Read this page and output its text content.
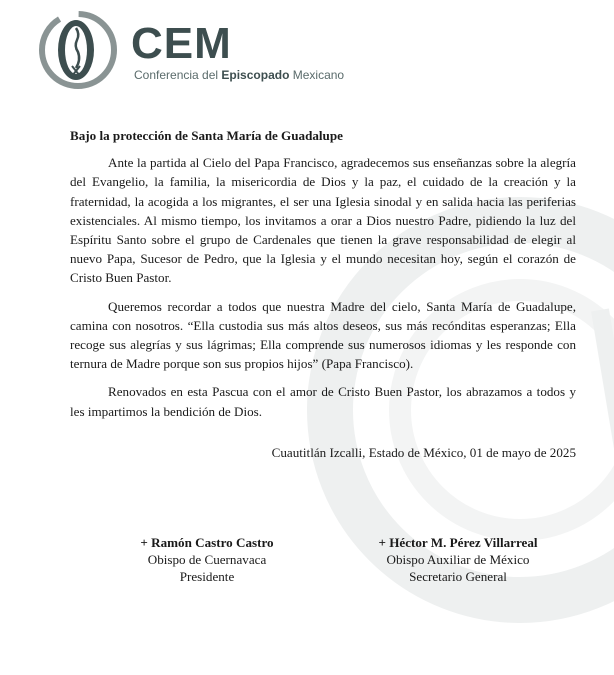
CEM
Conferencia del Episcopado Mexicano

Bajo la protección de Santa María de Guadalupe

Ante la partida al Cielo del Papa Francisco, agradecemos sus enseñanzas sobre la alegría del Evangelio, la familia, la misericordia de Dios y la paz, el cuidado de la creación y la fraternidad, la acogida a los migrantes, el ser una Iglesia sinodal y en salida hacia las periferias existenciales. Al mismo tiempo, los invitamos a orar a Dios nuestro Padre, pidiendo la luz del Espíritu Santo sobre el grupo de Cardenales que tienen la grave responsabilidad de elegir al nuevo Papa, Sucesor de Pedro, que la Iglesia y el mundo necesitan hoy, según el corazón de Cristo Buen Pastor.

Queremos recordar a todos que nuestra Madre del cielo, Santa María de Guadalupe, camina con nosotros. “Ella custodia sus más altos deseos, sus más recónditas esperanzas; Ella recoge sus alegrías y sus lágrimas; Ella comprende sus numerosos idiomas y les responde con ternura de Madre porque son sus propios hijos” (Papa Francisco).

Renovados en esta Pascua con el amor de Cristo Buen Pastor, los abrazamos a todos y les impartimos la bendición de Dios.

Cuautitlán Izcalli, Estado de México, 01 de mayo de 2025

+ Ramón Castro Castro
Obispo de Cuernavaca
Presidente
+ Héctor M. Pérez Villarreal
Obispo Auxiliar de México
Secretario General
